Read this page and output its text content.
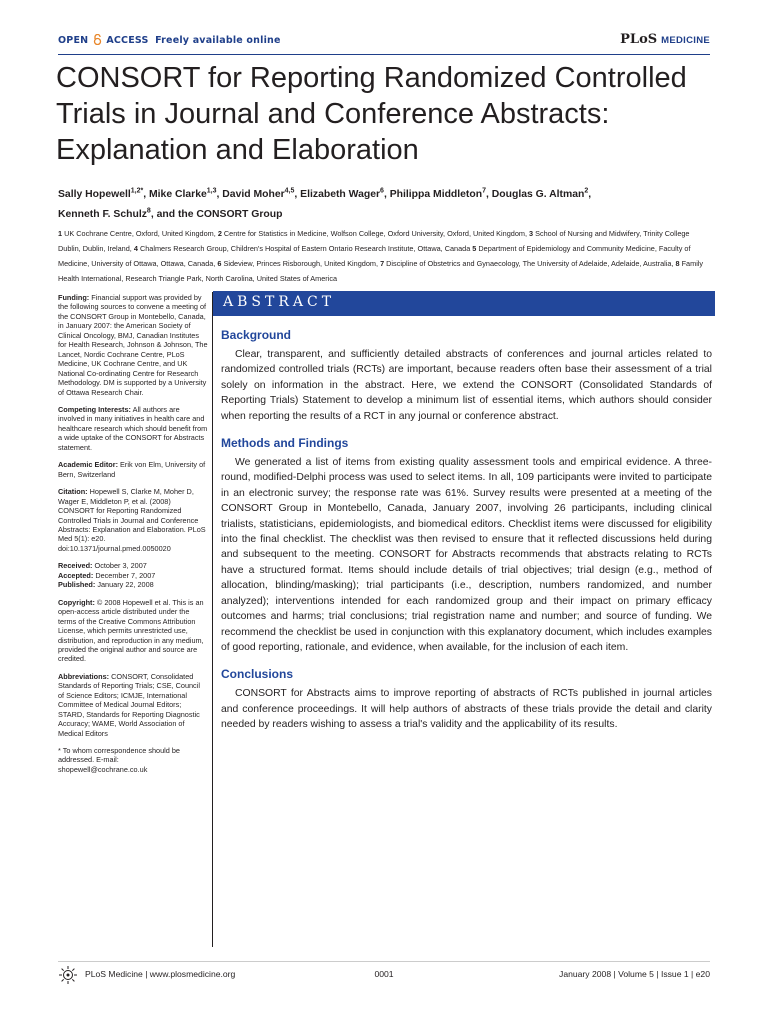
OPEN ACCESS Freely available online	PLoS MEDICINE
CONSORT for Reporting Randomized Controlled Trials in Journal and Conference Abstracts: Explanation and Elaboration
Sally Hopewell$^{1,2*}$, Mike Clarke$^{1,3}$, David Moher$^{4,5}$, Elizabeth Wager$^6$, Philippa Middleton$^7$, Douglas G. Altman$^2$,
Kenneth F. Schulz$^8$, and the CONSORT Group
1 UK Cochrane Centre, Oxford, United Kingdom, 2 Centre for Statistics in Medicine, Wolfson College, Oxford University, Oxford, United Kingdom, 3 School of Nursing and Midwifery, Trinity College Dublin, Dublin, Ireland, 4 Chalmers Research Group, Children's Hospital of Eastern Ontario Research Institute, Ottawa, Canada 5 Department of Epidemiology and Community Medicine, Faculty of Medicine, University of Ottawa, Ottawa, Canada, 6 Sideview, Princes Risborough, United Kingdom, 7 Discipline of Obstetrics and Gynaecology, The University of Adelaide, Adelaide, Australia, 8 Family Health International, Research Triangle Park, North Carolina, United States of America

Funding: Financial support was provided by the following sources to convene a meeting of the CONSORT Group in Montebello, Canada, in January 2007: the American Society of Clinical Oncology, BMJ, Canadian Institutes for Health Research, Johnson & Johnson, The Lancet, Nordic Cochrane Centre, PLoS Medicine, UK Cochrane Centre, and UK National Co-ordinating Centre for Research Methodology. DM is supported by a University of Ottawa Research Chair.

Competing Interests: All authors are involved in many initiatives in health care and healthcare research which should benefit from a wide uptake of the CONSORT for Abstracts statement.

Academic Editor: Erik von Elm, University of Bern, Switzerland

Citation: Hopewell S, Clarke M, Moher D, Wager E, Middleton P, et al. (2008) CONSORT for Reporting Randomized Controlled Trials in Journal and Conference Abstracts: Explanation and Elaboration. PLoS Med 5(1): e20. doi:10.1371/journal.pmed.0050020

Received: October 3, 2007
Accepted: December 7, 2007
Published: January 22, 2008

Copyright: © 2008 Hopewell et al. This is an open-access article distributed under the terms of the Creative Commons Attribution License, which permits unrestricted use, distribution, and reproduction in any medium, provided the original author and source are credited.

Abbreviations: CONSORT, Consolidated Standards of Reporting Trials; CSE, Council of Science Editors; ICMJE, International Committee of Medical Journal Editors; STARD, Standards for Reporting Diagnostic Accuracy; WAME, World Association of Medical Editors

* To whom correspondence should be addressed. E-mail: shopewell@cochrane.co.uk

ABSTRACT
Background

Clear, transparent, and sufficiently detailed abstracts of conferences and journal articles related to randomized controlled trials (RCTs) are important, because readers often base their assessment of a trial solely on information in the abstract. Here, we extend the CONSORT (Consolidated Standards of Reporting Trials) Statement to develop a minimum list of essential items, which authors should consider when reporting the results of a RCT in any journal or conference abstract.

Methods and Findings

We generated a list of items from existing quality assessment tools and empirical evidence. A three-round, modified-Delphi process was used to select items. In all, 109 participants were invited to participate in an electronic survey; the response rate was 61%. Survey results were presented at a meeting of the CONSORT Group in Montebello, Canada, January 2007, involving 26 participants, including clinical trialists, statisticians, epidemiologists, and biomedical editors. Checklist items were discussed for eligibility into the final checklist. The checklist was then revised to ensure that it reflected discussions held during and subsequent to the meeting. CONSORT for Abstracts recommends that abstracts relating to RCTs have a structured format. Items should include details of trial objectives; trial design (e.g., method of allocation, blinding/masking); trial participants (i.e., description, numbers randomized, and number analyzed); interventions intended for each randomized group and their impact on primary efficacy outcomes and harms; trial conclusions; trial registration name and number; and source of funding. We recommend the checklist be used in conjunction with this explanatory document, which includes examples of good reporting, rationale, and evidence, when available, for the inclusion of each item.

Conclusions

CONSORT for Abstracts aims to improve reporting of abstracts of RCTs published in journal articles and conference proceedings. It will help authors of abstracts of these trials provide the detail and clarity needed by readers wishing to assess a trial's validity and the applicability of its results.

PLoS Medicine | www.plosmedicine.org	0001	January 2008 | Volume 5 | Issue 1 | e20
